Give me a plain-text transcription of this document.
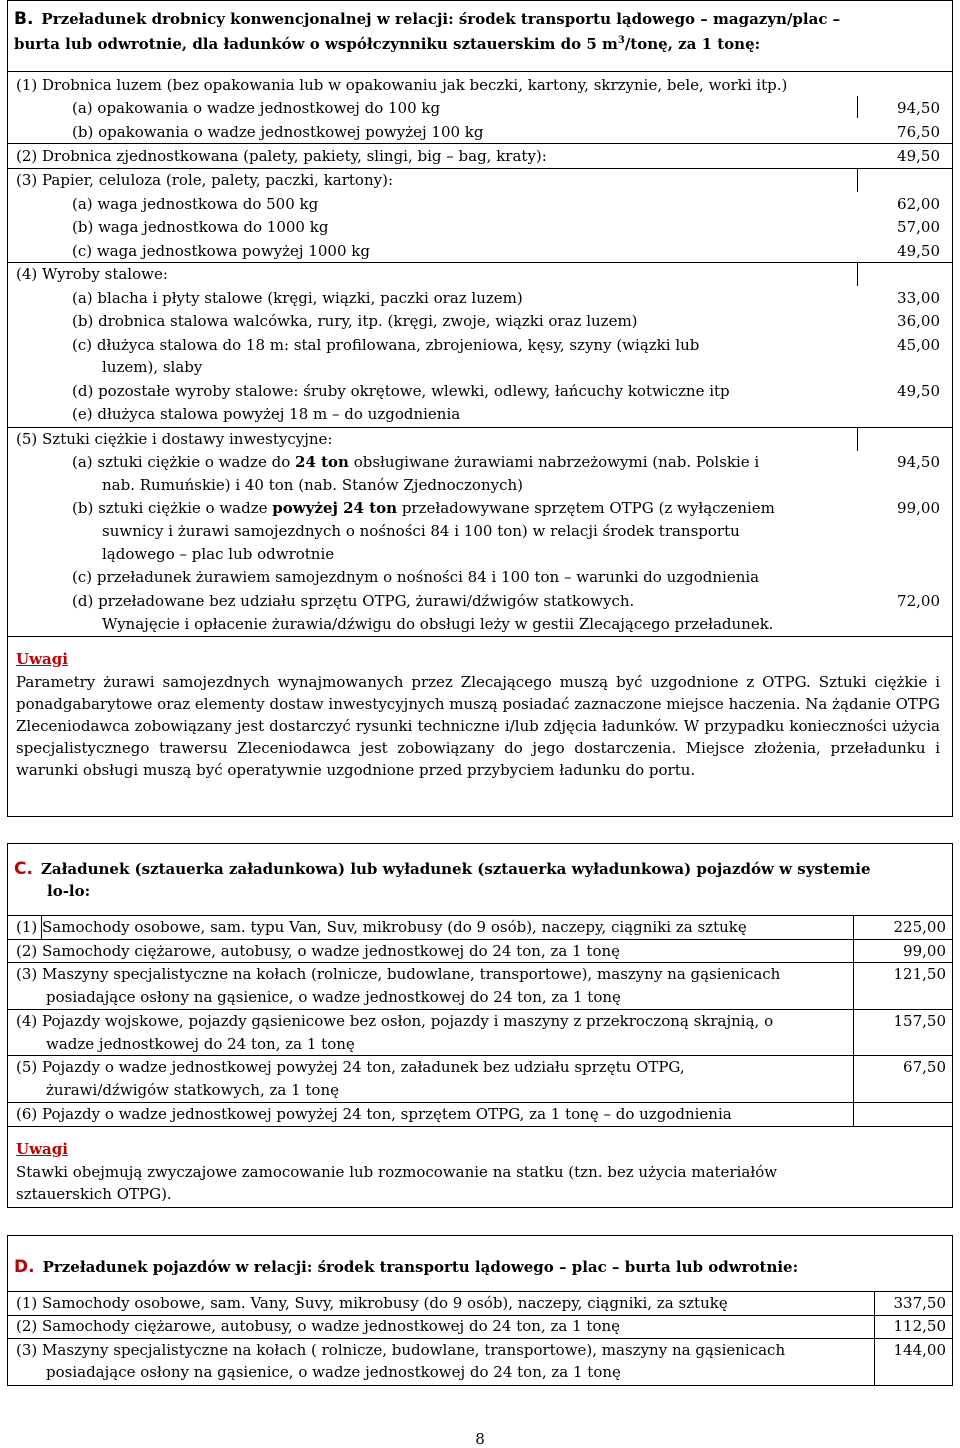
B. Przeładunek drobnicy konwencjonalnej w relacji: środek transportu lądowego – magazyn/plac –
burta lub odwrotnie, dla ładunków o współczynniku sztauerskim do 5 $m^3$/tonę, za 1 tonę:
(1) Drobnica luzem (bez opakowania lub w opakowaniu jak beczki, kartony, skrzynie, bele, worki itp.)
(a) opakowania o wadze jednostkowej do 100 kg	94,50
(b) opakowania o wadze jednostkowej powyżej 100 kg	76,50
(2) Drobnica zjednostkowana (palety, pakiety, slingi, big – bag, kraty):	49,50
(3) Papier, celuloza (role, palety, paczki, kartony):
(a) waga jednostkowa do 500 kg	62,00
(b) waga jednostkowa do 1000 kg	57,00
(c) waga jednostkowa powyżej 1000 kg	49,50
(4) Wyroby stalowe:
(a) blacha i płyty stalowe (kręgi, wiązki, paczki oraz luzem)	33,00
(b) drobnica stalowa walcówka, rury, itp. (kręgi, zwoje, wiązki oraz luzem)	36,00
(c) dłużyca stalowa do 18 m: stal profilowana, zbrojeniowa, kęsy, szyny (wiązki lub
luzem), slaby
45,00
(d) pozostałe wyroby stalowe: śruby okrętowe, wlewki, odlewy, łańcuchy kotwiczne itp	49,50
(e) dłużyca stalowa powyżej 18 m – do uzgodnienia
(5) Sztuki ciężkie i dostawy inwestycyjne:
(a) sztuki ciężkie o wadze do 24 ton obsługiwane żurawiami nabrzeżowymi (nab. Polskie i
nab. Rumuńskie) i 40 ton (nab. Stanów Zjednoczonych)
94,50
(b) sztuki ciężkie o wadze powyżej 24 ton przeładowywane sprzętem OTPG (z wyłączeniem
suwnicy i żurawi samojezdnych o nośności 84 i 100 ton) w relacji środek transportu
lądowego – plac lub odwrotnie
99,00
(c) przeładunek żurawiem samojezdnym o nośności 84 i 100 ton – warunki do uzgodnienia
(d) przeładowane bez udziału sprzętu OTPG, żurawi/dźwigów statkowych.
Wynajęcie i opłacenie żurawia/dźwigu do obsługi leży w gestii Zlecającego przeładunek.
72,00
Uwagi
Parametry żurawi samojezdnych wynajmowanych przez Zlecającego muszą być uzgodnione z OTPG. Sztuki ciężkie i ponadgabarytowe oraz elementy dostaw inwestycyjnych muszą posiadać zaznaczone miejsce haczenia. Na żądanie OTPG Zleceniodawca zobowiązany jest dostarczyć rysunki techniczne i/lub zdjęcia ładunków. W przypadku konieczności użycia specjalistycznego trawersu Zleceniodawca jest zobowiązany do jego dostarczenia. Miejsce złożenia, przeładunku i warunki obsługi muszą być operatywnie uzgodnione przed przybyciem ładunku do portu.
C. Załadunek (sztauerka załadunkowa) lub wyładunek (sztauerka wyładunkowa) pojazdów w systemie
lo-lo:
(1) Samochody osobowe, sam. typu Van, Suv, mikrobusy (do 9 osób), naczepy, ciągniki za sztukę	225,00
(2) Samochody ciężarowe, autobusy, o wadze jednostkowej do 24 ton, za 1 tonę	99,00
(3) Maszyny specjalistyczne na kołach (rolnicze, budowlane, transportowe), maszyny na gąsienicach
posiadające osłony na gąsienice, o wadze jednostkowej do 24 ton, za 1 tonę
121,50
(4) Pojazdy wojskowe, pojazdy gąsienicowe bez osłon, pojazdy i maszyny z przekroczoną skrajnią, o
wadze jednostkowej do 24 ton, za 1 tonę
157,50
(5) Pojazdy o wadze jednostkowej powyżej 24 ton, załadunek bez udziału sprzętu OTPG,
żurawi/dźwigów statkowych, za 1 tonę
67,50
(6) Pojazdy o wadze jednostkowej powyżej 24 ton, sprzętem OTPG, za 1 tonę – do uzgodnienia
Uwagi
Stawki obejmują zwyczajowe zamocowanie lub rozmocowanie na statku (tzn. bez użycia materiałów sztauerskich OTPG).
D. Przeładunek pojazdów w relacji: środek transportu lądowego – plac – burta lub odwrotnie:
(1) Samochody osobowe, sam. Vany, Suvy, mikrobusy (do 9 osób), naczepy, ciągniki, za sztukę	337,50
(2) Samochody ciężarowe, autobusy, o wadze jednostkowej do 24 ton, za 1 tonę	112,50
(3) Maszyny specjalistyczne na kołach ( rolnicze, budowlane, transportowe), maszyny na gąsienicach
posiadające osłony na gąsienice, o wadze jednostkowej do 24 ton, za 1 tonę
144,00
8
